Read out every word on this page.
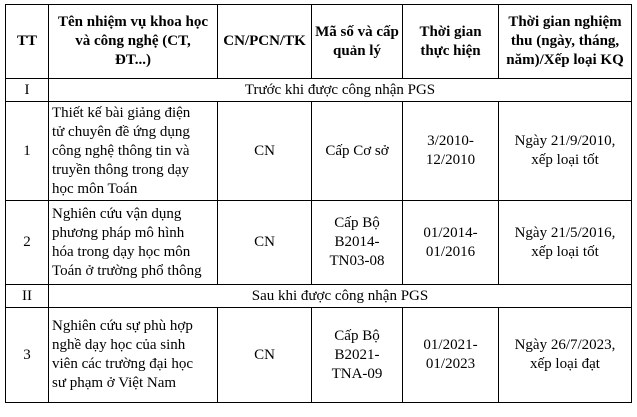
TT	Tên nhiệm vụ khoa học
và công nghệ (CT,
ĐT...)	CN/PCN/TK	Mã số và cấp
quản lý	Thời gian
thực hiện	Thời gian nghiệm
thu (ngày, tháng,
năm)/Xếp loại KQ
I	Trước khi được công nhận PGS				
1	Thiết kế bài giảng điện
tử chuyên đề ứng dụng
công nghệ thông tin và
truyền thông trong dạy
học môn Toán	CN	Cấp Cơ sở	3/2010-
12/2010	Ngày 21/9/2010,
xếp loại tốt
2	Nghiên cứu vận dụng
phương pháp mô hình
hóa trong dạy học môn
Toán ở trường phổ thông	CN	Cấp Bộ
B2014-
TN03-08	01/2014-
01/2016	Ngày 21/5/2016,
xếp loại tốt
II	Sau khi được công nhận PGS				
3	Nghiên cứu sự phù hợp
nghề dạy học của sinh
viên các trường đại học
sư phạm ở Việt Nam	CN	Cấp Bộ
B2021-
TNA-09	01/2021-
01/2023	Ngày 26/7/2023,
xếp loại đạt
